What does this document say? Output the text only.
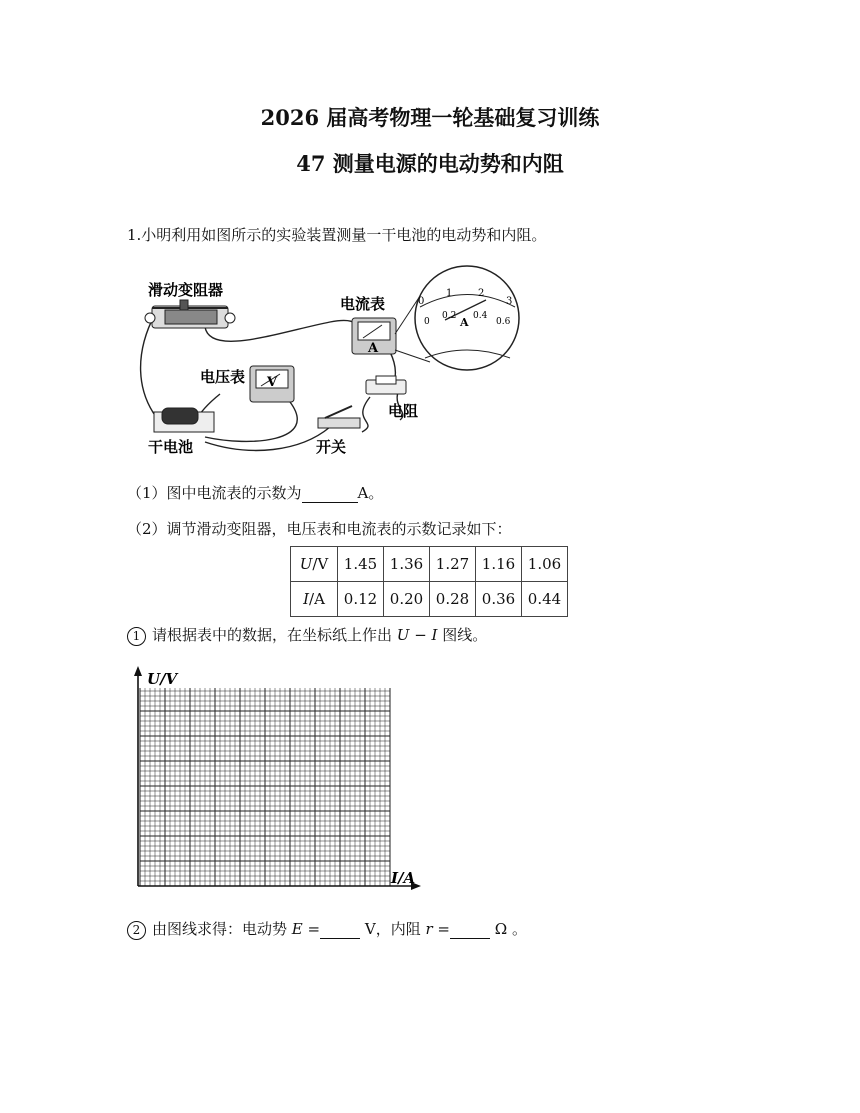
2026 届高考物理一轮基础复习训练
47 测量电源的电动势和内阻
1.小明利用如图所示的实验装置测量一干电池的电动势和内阻。
滑动变阻器
A
电流表	0
1	2
3
0
0.2 0.4
0.6
A
V
电压表
电阻
干电池	开关
（1）图中电流表的示数为	A。
（2）调节滑动变阻器，电压表和电流表的示数记录如下：
U/V	1.45	1.36	1.27	1.16	1.06
I/A	0.12	0.20	0.28	0.36	0.44
1 请根据表中的数据，在坐标纸上作出 U − I 图线。
U/V
I/A
2 由图线求得：电动势 E =	V，内阻 r =	Ω 。
